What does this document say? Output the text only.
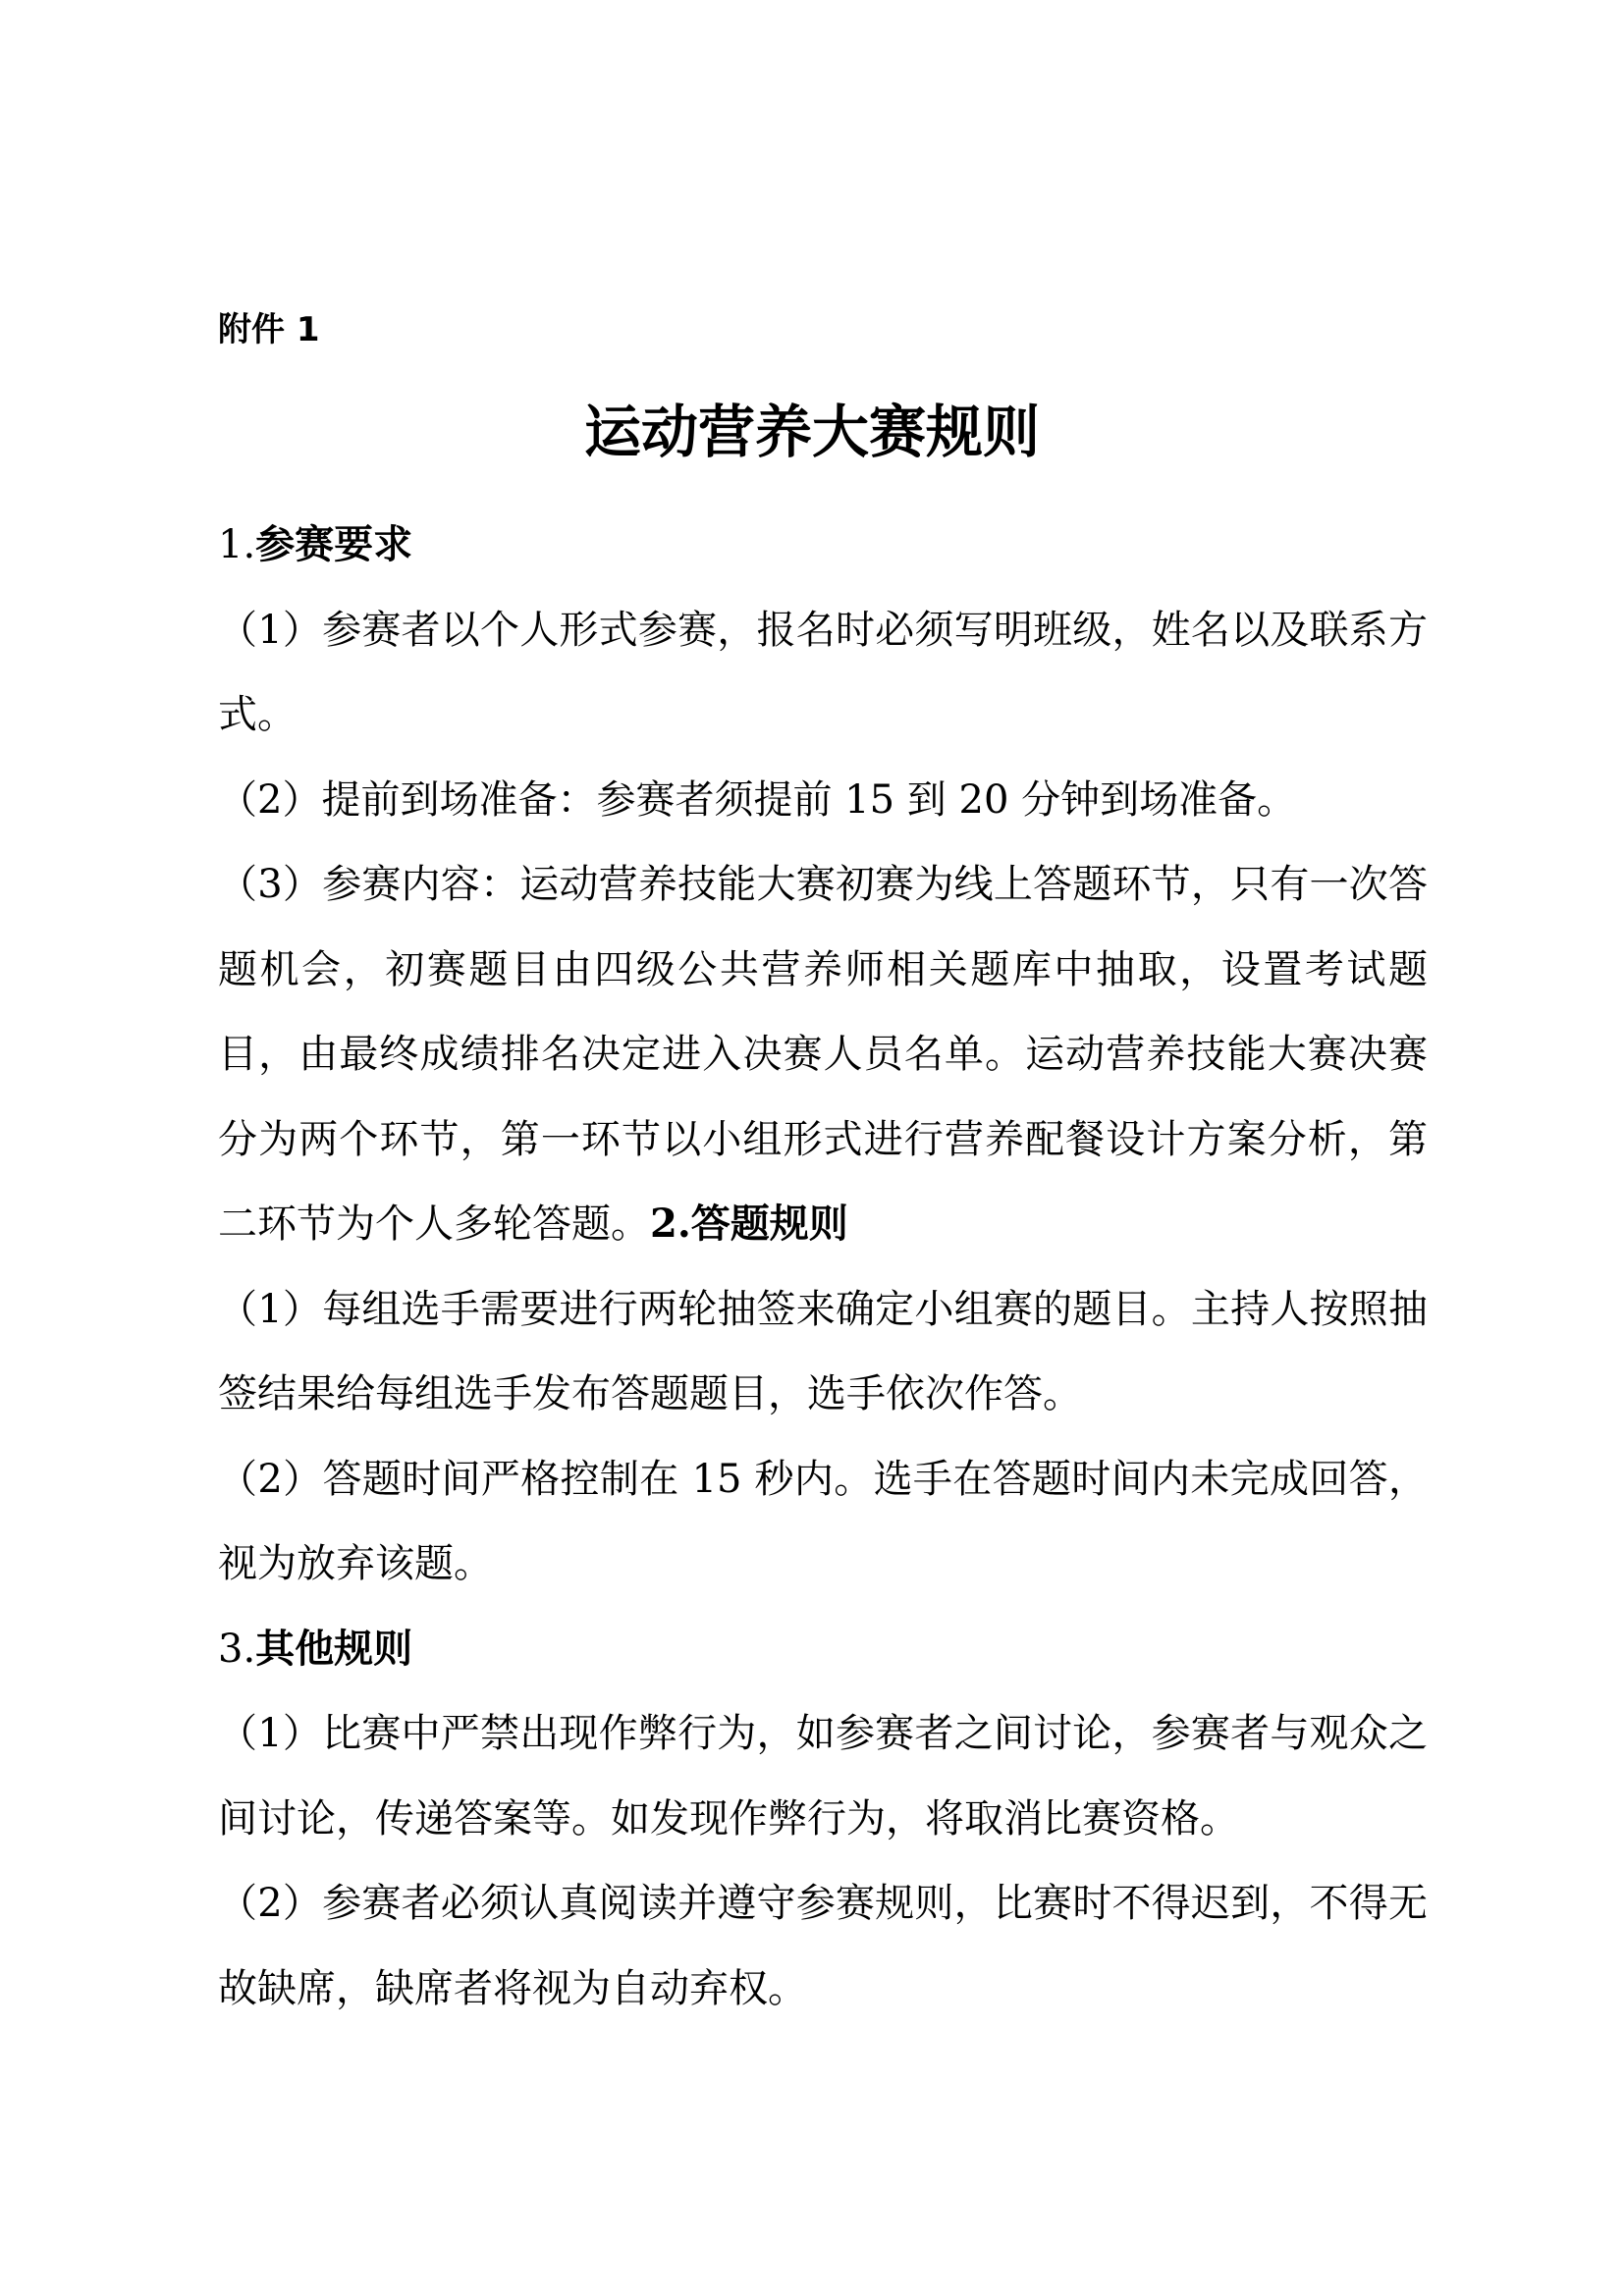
附件 1
运动营养大赛规则

1.参赛要求

（1）参赛者以个人形式参赛，报名时必须写明班级，姓名以及联系方式。

（2）提前到场准备：参赛者须提前 15 到 20 分钟到场准备。

（3）参赛内容：运动营养技能大赛初赛为线上答题环节，只有一次答题机会，初赛题目由四级公共营养师相关题库中抽取，设置考试题目，由最终成绩排名决定进入决赛人员名单。运动营养技能大赛决赛分为两个环节，第一环节以小组形式进行营养配餐设计方案分析，第二环节为个人多轮答题。2.答题规则

（1）每组选手需要进行两轮抽签来确定小组赛的题目。主持人按照抽签结果给每组选手发布答题题目，选手依次作答。

（2）答题时间严格控制在 15 秒内。选手在答题时间内未完成回答，视为放弃该题。

3.其他规则

（1）比赛中严禁出现作弊行为，如参赛者之间讨论，参赛者与观众之间讨论，传递答案等。如发现作弊行为，将取消比赛资格。

（2）参赛者必须认真阅读并遵守参赛规则，比赛时不得迟到，不得无故缺席，缺席者将视为自动弃权。
